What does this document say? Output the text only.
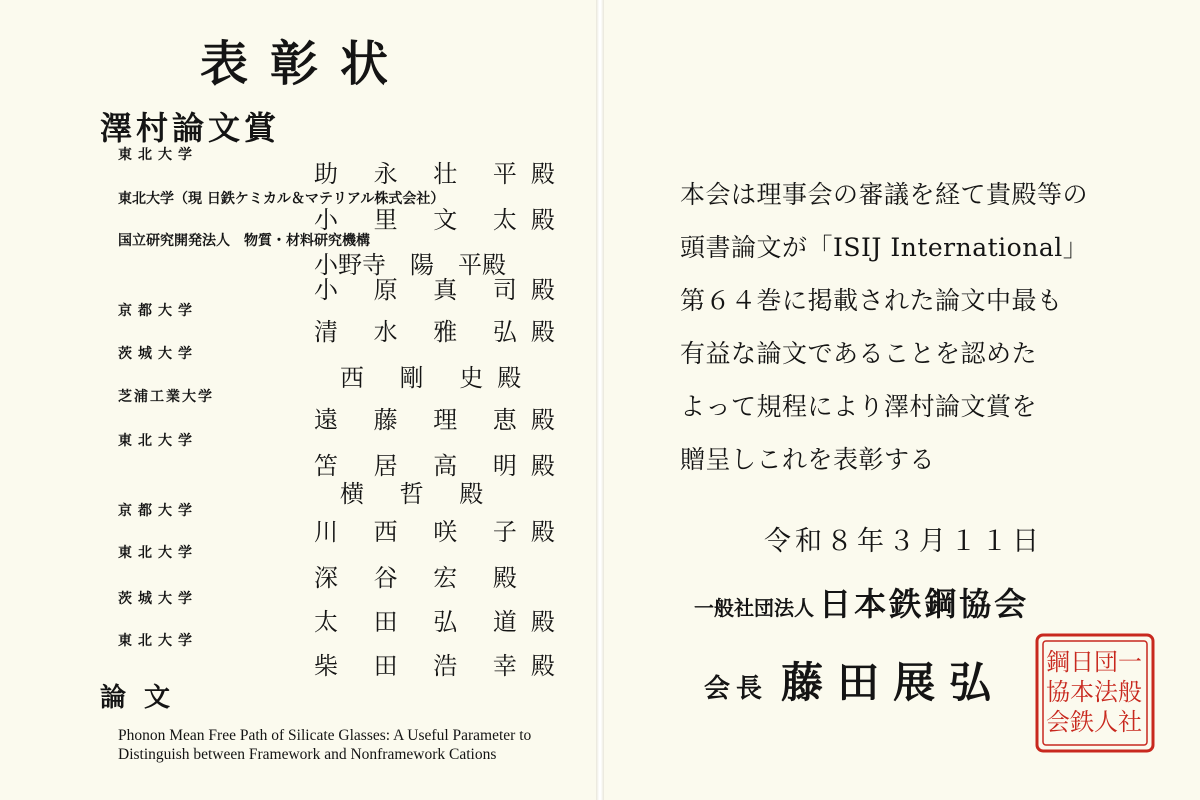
表彰状
澤村論文賞
東北大学
助 永 壮 平殿
東北大学（現 日鉄ケミカル＆マテリアル株式会社）
小 里 文 太殿
国立研究開発法人　物質・材料研究機構
小野寺　陽　平殿
小 原 真 司殿
京都大学
清 水 雅 弘殿
茨城大学
西 剛 史殿
芝浦工業大学
遠 藤 理 恵殿
東北大学
笘 居 高 明殿
横 哲 殿
京都大学
川 西 咲 子殿
東北大学
深 谷 宏 殿
茨城大学
太 田 弘 道殿
東北大学
柴 田 浩 幸殿
論文
Phonon Mean Free Path of Silicate Glasses: A Useful Parameter to Distinguish between Framework and Nonframework Cations
本会は理事会の審議を経て貴殿等の
頭書論文が「ISIJ International」
第６４巻に掲載された論文中最も
有益な論文であることを認めた
よって規程により澤村論文賞を
贈呈しこれを表彰する
令和８年３月１１日
一般社団法人 日本鉄鋼協会
会長 藤田展弘	一
般
社
団
法
人
日
本
鉄
鋼
協
会
